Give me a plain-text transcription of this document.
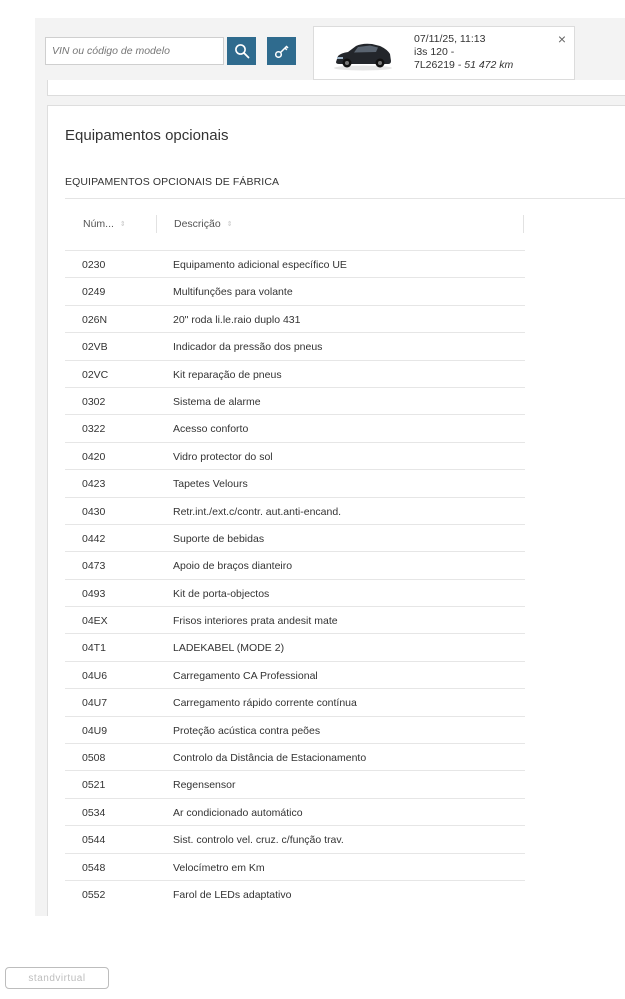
VIN ou código de modelo
07/11/25, 11:13
i3s 120 -
7L26219 - 51 472 km
×
Equipamentos opcionais
EQUIPAMENTOS OPCIONAIS DE FÁBRICA
Núm... ⇕	Descrição ⇕
0230	Equipamento adicional específico UE
0249	Multifunções para volante
026N	20" roda li.le.raio duplo 431
02VB	Indicador da pressão dos pneus
02VC	Kit reparação de pneus
0302	Sistema de alarme
0322	Acesso conforto
0420	Vidro protector do sol
0423	Tapetes Velours
0430	Retr.int./ext.c/contr. aut.anti-encand.
0442	Suporte de bebidas
0473	Apoio de braços dianteiro
0493	Kit de porta-objectos
04EX	Frisos interiores prata andesit mate
04T1	LADEKABEL (MODE 2)
04U6	Carregamento CA Professional
04U7	Carregamento rápido corrente contínua
04U9	Proteção acústica contra peões
0508	Controlo da Distância de Estacionamento
0521	Regensensor
0534	Ar condicionado automático
0544	Sist. controlo vel. cruz. c/função trav.
0548	Velocímetro em Km
0552	Farol de LEDs adaptativo
standvirtual
